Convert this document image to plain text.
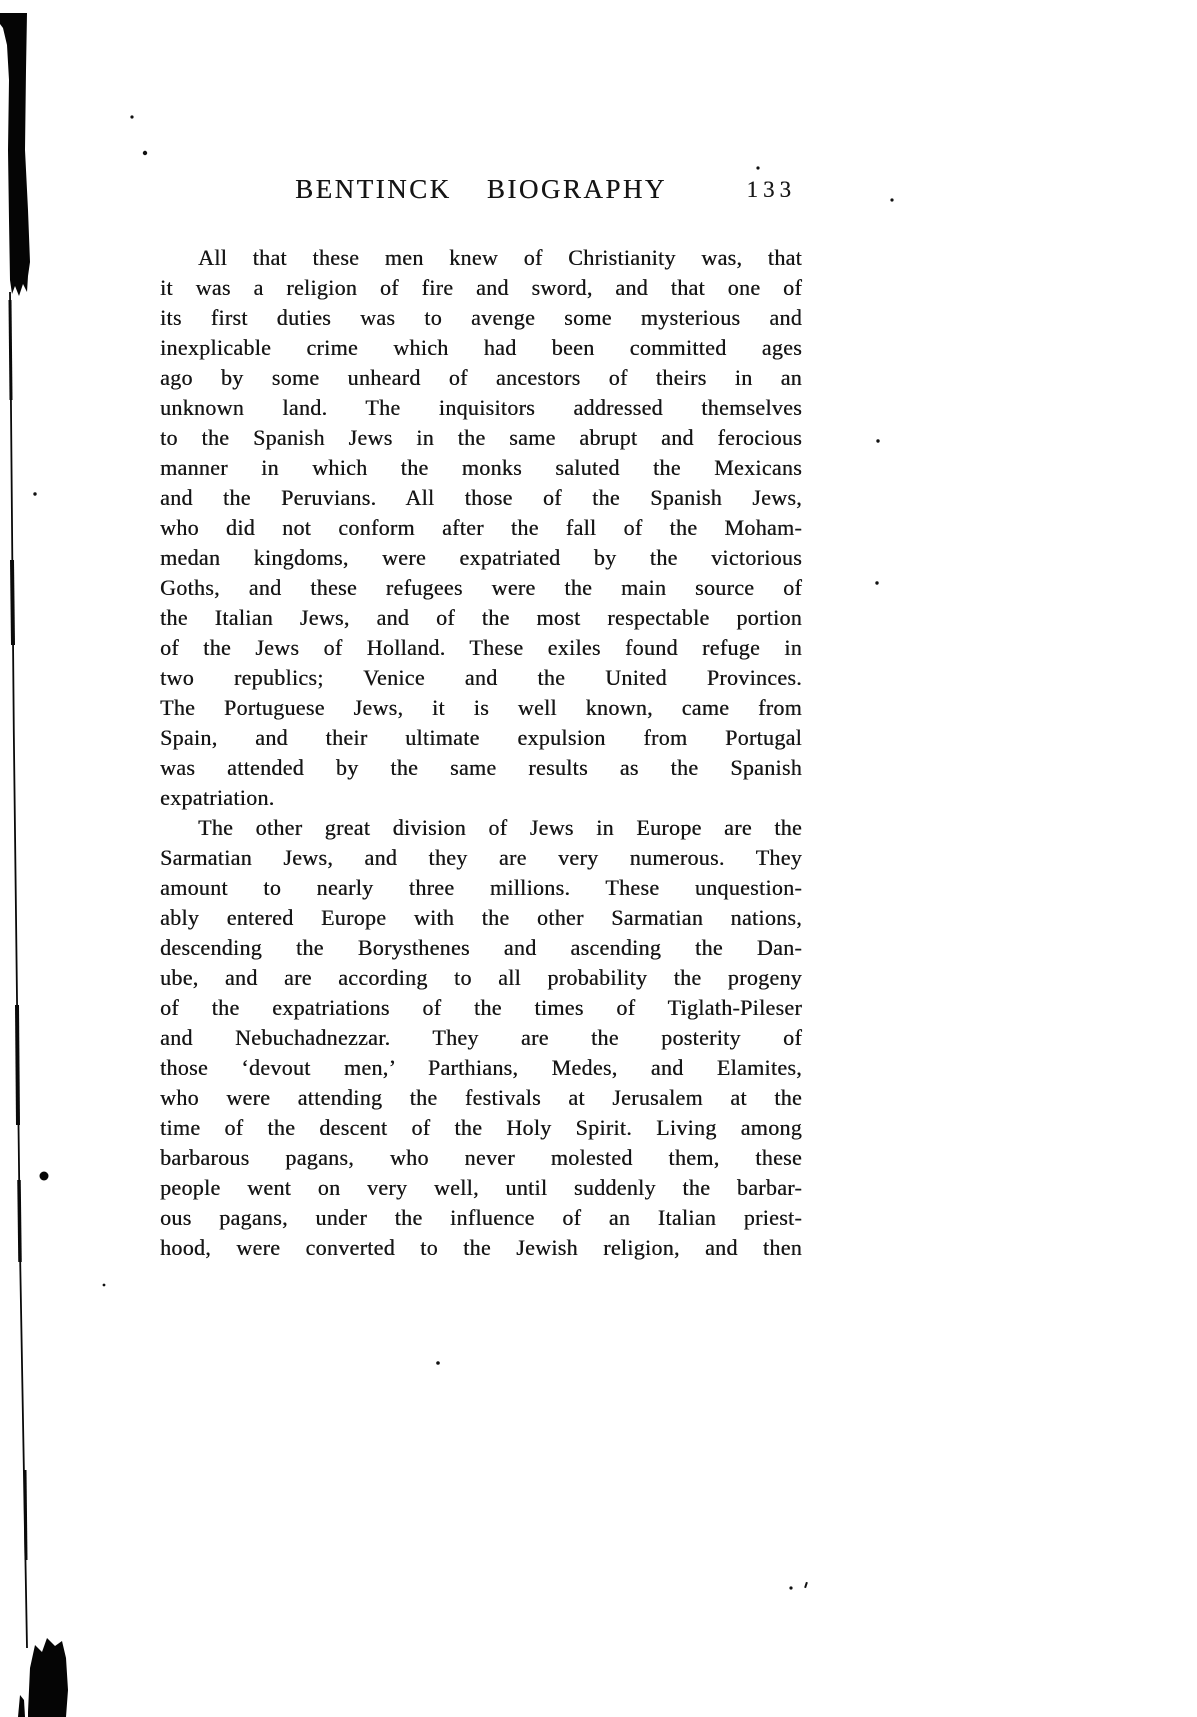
BENTINCK BIOGRAPHY	133
All that these men knew of Christianity was, that
it was a religion of fire and sword, and that one of
its first duties was to avenge some mysterious and
inexplicable crime which had been committed ages
ago by some unheard of ancestors of theirs in an
unknown land. The inquisitors addressed themselves
to the Spanish Jews in the same abrupt and ferocious
manner in which the monks saluted the Mexicans
and the Peruvians. All those of the Spanish Jews,
who did not conform after the fall of the Moham-
medan kingdoms, were expatriated by the victorious
Goths, and these refugees were the main source of
the Italian Jews, and of the most respectable portion
of the Jews of Holland. These exiles found refuge in
two republics; Venice and the United Provinces.
The Portuguese Jews, it is well known, came from
Spain, and their ultimate expulsion from Portugal
was attended by the same results as the Spanish
expatriation.
The other great division of Jews in Europe are the
Sarmatian Jews, and they are very numerous. They
amount to nearly three millions. These unquestion-
ably entered Europe with the other Sarmatian nations,
descending the Borysthenes and ascending the Dan-
ube, and are according to all probability the progeny
of the expatriations of the times of Tiglath-Pileser
and Nebuchadnezzar. They are the posterity of
those ‘devout men,’ Parthians, Medes, and Elamites,
who were attending the festivals at Jerusalem at the
time of the descent of the Holy Spirit. Living among
barbarous pagans, who never molested them, these
people went on very well, until suddenly the barbar-
ous pagans, under the influence of an Italian priest-
hood, were converted to the Jewish religion, and then
